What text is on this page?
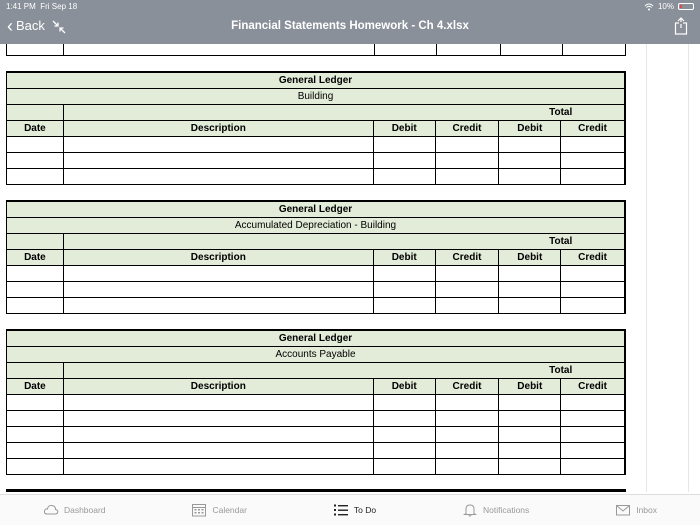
1:41 PM Fri Sep 18	10%
‹ Back	Financial Statements Homework - Ch 4.xlsx
General Ledger
Building
Total
Date	Description	Debit	Credit	Debit	Credit
General Ledger
Accumulated Depreciation - Building
Total
Date	Description	Debit	Credit	Debit	Credit
General Ledger
Accounts Payable
Total
Date	Description	Debit	Credit	Debit	Credit
Dashboard	Calendar	To Do	Notifications	Inbox
